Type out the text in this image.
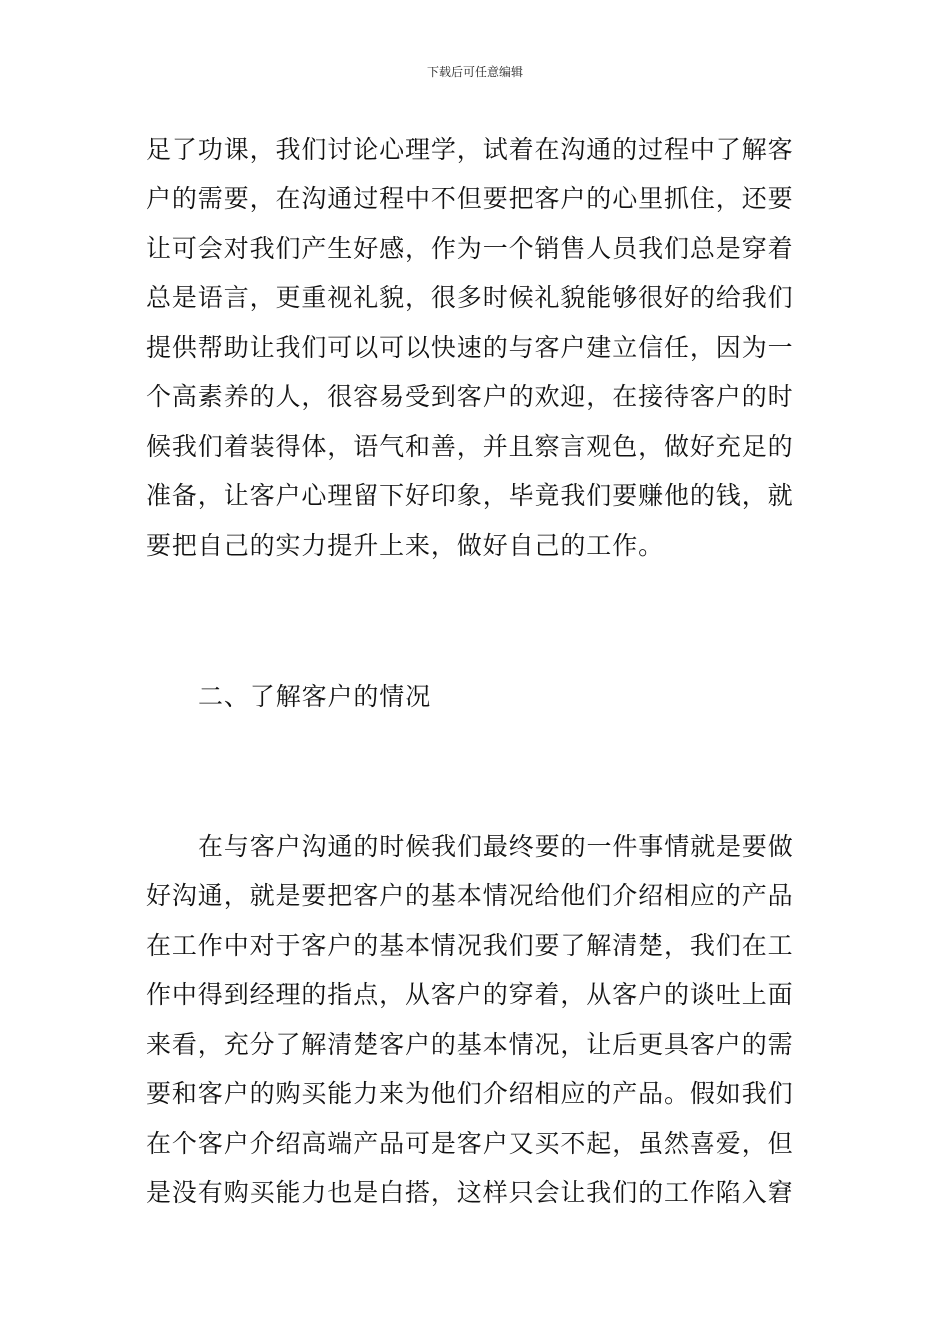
下载后可任意编辑
足了功课，我们讨论心理学，试着在沟通的过程中了解客
户的需要，在沟通过程中不但要把客户的心里抓住，还要
让可会对我们产生好感，作为一个销售人员我们总是穿着
总是语言，更重视礼貌，很多时候礼貌能够很好的给我们
提供帮助让我们可以可以快速的与客户建立信任，因为一
个高素养的人，很容易受到客户的欢迎，在接待客户的时
候我们着装得体，语气和善，并且察言观色，做好充足的
准备，让客户心理留下好印象，毕竟我们要赚他的钱，就
要把自己的实力提升上来，做好自己的工作。
二、了解客户的情况
在与客户沟通的时候我们最终要的一件事情就是要做
好沟通，就是要把客户的基本情况给他们介绍相应的产品
在工作中对于客户的基本情况我们要了解清楚，我们在工
作中得到经理的指点，从客户的穿着，从客户的谈吐上面
来看，充分了解清楚客户的基本情况，让后更具客户的需
要和客户的购买能力来为他们介绍相应的产品。假如我们
在个客户介绍高端产品可是客户又买不起，虽然喜爱，但
是没有购买能力也是白搭，这样只会让我们的工作陷入窘
